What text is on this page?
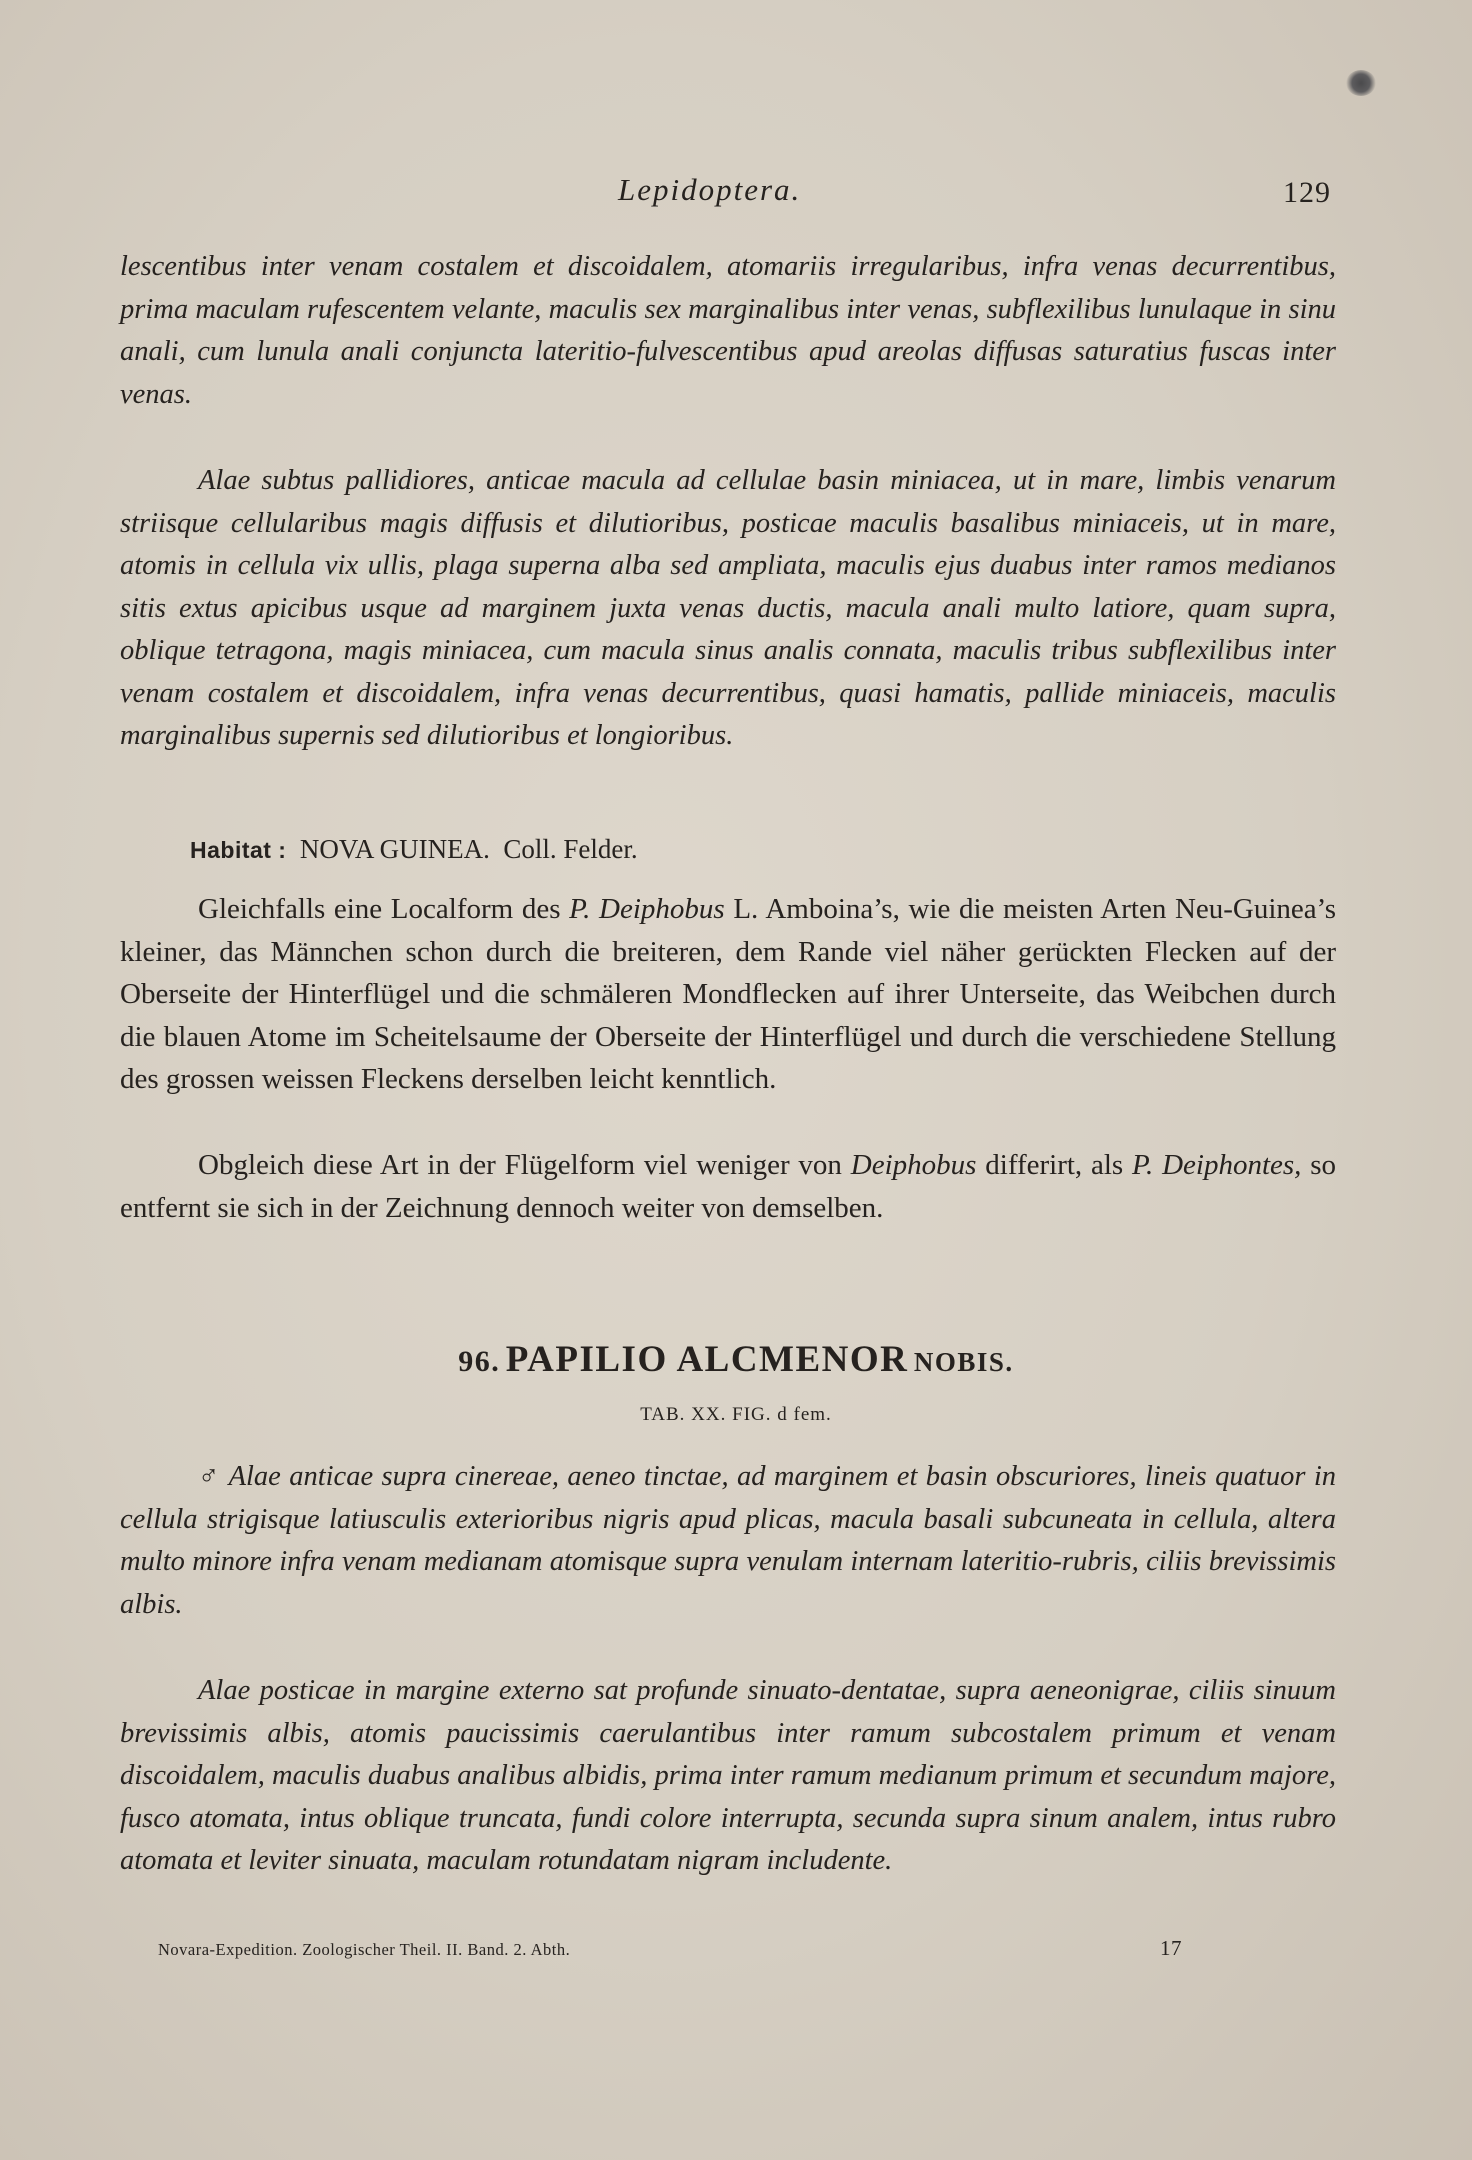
Lepidoptera.	129

lescentibus inter venam costalem et discoidalem, atomariis irregularibus, infra venas decurrentibus, prima maculam rufescentem velante, maculis sex marginalibus inter venas, subflexilibus lunulaque in sinu anali, cum lunula anali conjuncta lateritio-fulvescentibus apud areolas diffusas saturatius fuscas inter venas.

Alae subtus pallidiores, anticae macula ad cellulae basin miniacea, ut in mare, limbis venarum striisque cellularibus magis diffusis et dilutioribus, posticae maculis basalibus miniaceis, ut in mare, atomis in cellula vix ullis, plaga superna alba sed ampliata, maculis ejus duabus inter ramos medianos sitis extus apicibus usque ad marginem juxta venas ductis, macula anali multo latiore, quam supra, oblique tetragona, magis miniacea, cum macula sinus analis connata, maculis tribus subflexilibus inter venam costalem et discoidalem, infra venas decurrentibus, quasi hamatis, pallide miniaceis, maculis marginalibus supernis sed dilutioribus et longioribus.

Habitat : NOVA GUINEA. Coll. Felder.

Gleichfalls eine Localform des P. Deiphobus L. Amboina’s, wie die meisten Arten Neu-Guinea’s kleiner, das Männchen schon durch die breiteren, dem Rande viel näher gerückten Flecken auf der Oberseite der Hinterflügel und die schmäleren Mondflecken auf ihrer Unterseite, das Weibchen durch die blauen Atome im Scheitelsaume der Oberseite der Hinterflügel und durch die verschiedene Stellung des grossen weissen Fleckens derselben leicht kenntlich.

Obgleich diese Art in der Flügelform viel weniger von Deiphobus differirt, als P. Deiphontes, so entfernt sie sich in der Zeichnung dennoch weiter von demselben.

96. PAPILIO ALCMENOR NOBIS.
TAB. XX. FIG. d fem.

♂ Alae anticae supra cinereae, aeneo tinctae, ad marginem et basin obscuriores, lineis quatuor in cellula strigisque latiusculis exterioribus nigris apud plicas, macula basali subcuneata in cellula, altera multo minore infra venam medianam atomisque supra venulam internam lateritio-rubris, ciliis brevissimis albis.

Alae posticae in margine externo sat profunde sinuato-dentatae, supra aeneonigrae, ciliis sinuum brevissimis albis, atomis paucissimis caerulantibus inter ramum subcostalem primum et venam discoidalem, maculis duabus analibus albidis, prima inter ramum medianum primum et secundum majore, fusco atomata, intus oblique truncata, fundi colore interrupta, secunda supra sinum analem, intus rubro atomata et leviter sinuata, maculam rotundatam nigram includente.

Novara-Expedition. Zoologischer Theil. II. Band. 2. Abth.	17
